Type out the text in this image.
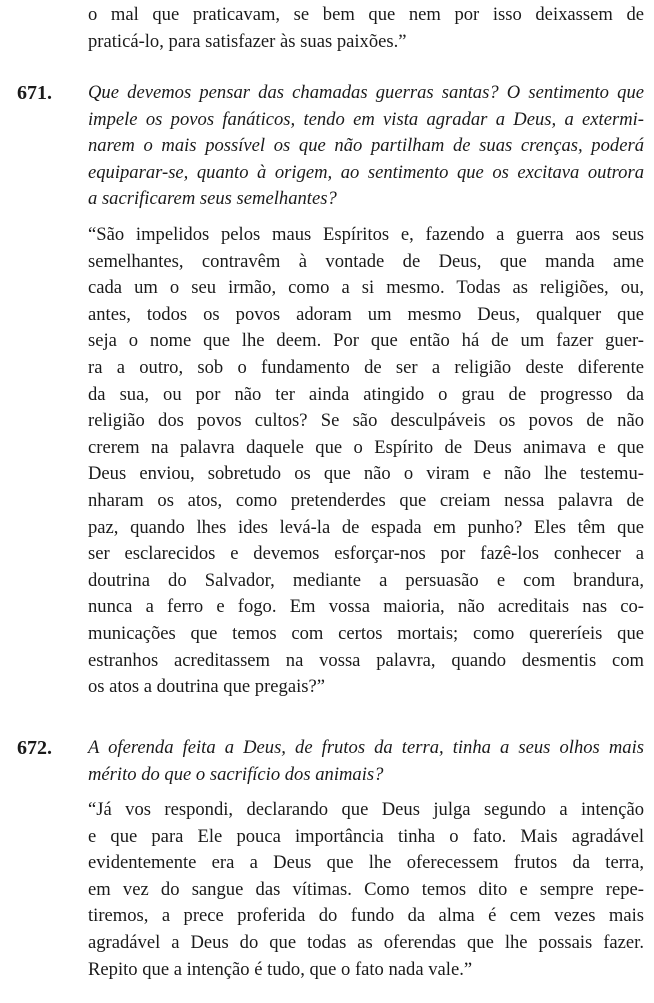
o mal que praticavam, se bem que nem por isso deixassem de
praticá-lo, para satisfazer às suas paixões.”
671. Que devemos pensar das chamadas guerras santas? O sentimento que
impele os povos fanáticos, tendo em vista agradar a Deus, a extermi-
narem o mais possível os que não partilham de suas crenças, poderá
equiparar-se, quanto à origem, ao sentimento que os excitava outrora
a sacrificarem seus semelhantes?
“São impelidos pelos maus Espíritos e, fazendo a guerra aos seus
semelhantes, contravêm à vontade de Deus, que manda ame
cada um o seu irmão, como a si mesmo. Todas as religiões, ou,
antes, todos os povos adoram um mesmo Deus, qualquer que
seja o nome que lhe deem. Por que então há de um fazer guer-
ra a outro, sob o fundamento de ser a religião deste diferente
da sua, ou por não ter ainda atingido o grau de progresso da
religião dos povos cultos? Se são desculpáveis os povos de não
crerem na palavra daquele que o Espírito de Deus animava e que
Deus enviou, sobretudo os que não o viram e não lhe testemu-
nharam os atos, como pretenderdes que creiam nessa palavra de
paz, quando lhes ides levá-la de espada em punho? Eles têm que
ser esclarecidos e devemos esforçar-nos por fazê-los conhecer a
doutrina do Salvador, mediante a persuasão e com brandura,
nunca a ferro e fogo. Em vossa maioria, não acreditais nas co-
municações que temos com certos mortais; como quereríeis que
estranhos acreditassem na vossa palavra, quando desmentis com
os atos a doutrina que pregais?”
672. A oferenda feita a Deus, de frutos da terra, tinha a seus olhos mais
mérito do que o sacrifício dos animais?
“Já vos respondi, declarando que Deus julga segundo a intenção
e que para Ele pouca importância tinha o fato. Mais agradável
evidentemente era a Deus que lhe oferecessem frutos da terra,
em vez do sangue das vítimas. Como temos dito e sempre repe-
tiremos, a prece proferida do fundo da alma é cem vezes mais
agradável a Deus do que todas as oferendas que lhe possais fazer.
Repito que a intenção é tudo, que o fato nada vale.”
